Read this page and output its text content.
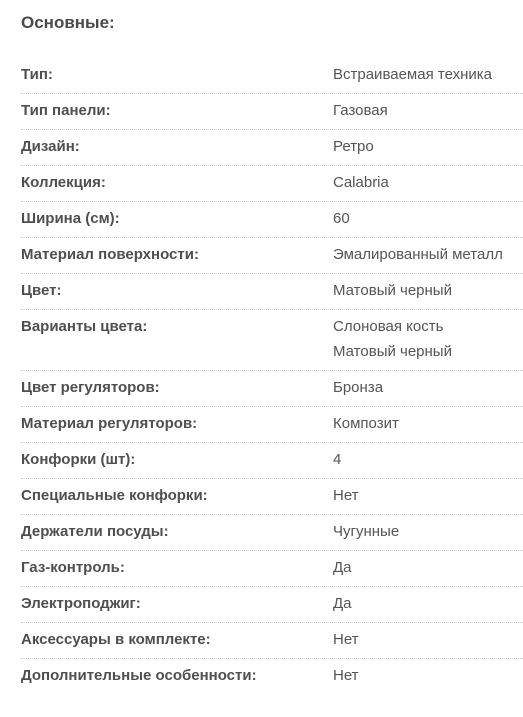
Основные:
Тип:	Встраиваемая техника
Тип панели:	Газовая
Дизайн:	Ретро
Коллекция:	Calabria
Ширина (см):	60
Материал поверхности:	Эмалированный металл
Цвет:	Матовый черный
Варианты цвета:	Слоновая кость
Матовый черный
Цвет регуляторов:	Бронза
Материал регуляторов:	Композит
Конфорки (шт):	4
Специальные конфорки:	Нет
Держатели посуды:	Чугунные
Газ-контроль:	Да
Электроподжиг:	Да
Аксессуары в комплекте:	Нет
Дополнительные особенности:	Нет
